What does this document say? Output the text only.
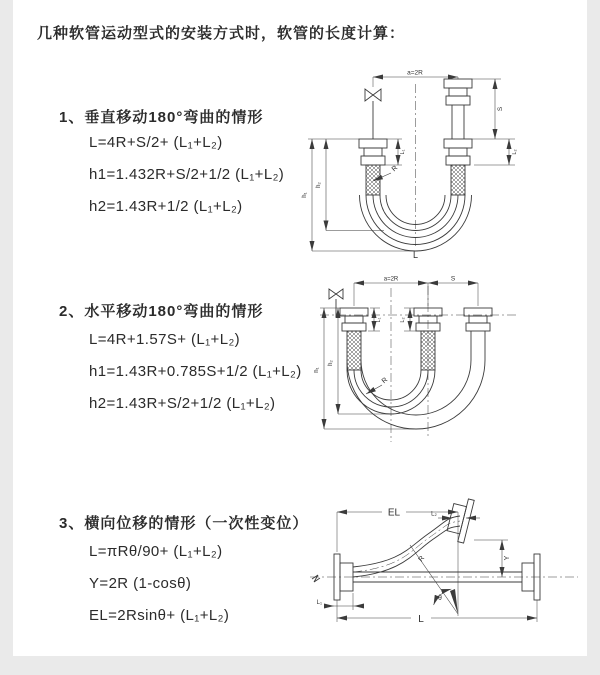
几种软管运动型式的安装方式时，软管的长度计算：
1、垂直移动180°弯曲的情形
L=4R+S/2+ (L₁+L₂)
h1=1.432R+S/2+1/2 (L₁+L₂)
h2=1.43R+1/2 (L₁+L₂)
a=2R
h₁
h₂
L₁
S
L₂
R
L
2、水平移动180°弯曲的情形
L=4R+1.57S+ (L₁+L₂)
h1=1.43R+0.785S+1/2 (L₁+L₂)
h2=1.43R+S/2+1/2 (L₁+L₂)
a=2R	S
h₁
h₂
L₁	L₂
R
3、横向位移的情形（一次性变位）
L=πRθ/90+ (L₁+L₂)
Y=2R (1-cosθ)
EL=2Rsinθ+ (L₁+L₂)
EL	L₂
Y
L
L₁
R
θ
